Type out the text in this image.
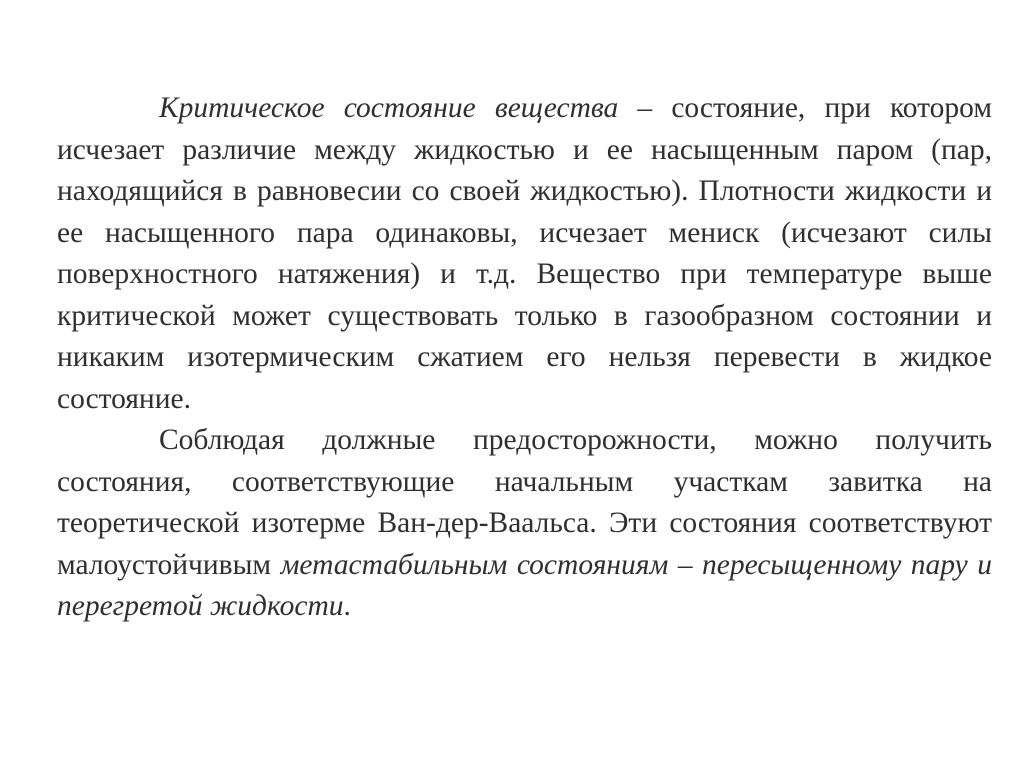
Критическое состояние вещества – состояние, при котором исчезает различие между жидкостью и ее насыщенным паром (пар, находящийся в равновесии со своей жидкостью). Плотности жидкости и ее насыщенного пара одинаковы, исчезает мениск (исчезают силы поверхностного натяжения) и т.д. Вещество при температуре выше критической может существовать только в газообразном состоянии и никаким изотермическим сжатием его нельзя перевести в жидкое состояние.

Соблюдая должные предосторожности, можно получить состояния, соответствующие начальным участкам завитка на теоретической изотерме Ван-дер-Ваальса. Эти состояния соответствуют малоустойчивым метастабильным состояниям – пересыщенному пару и перегретой жидкости.
